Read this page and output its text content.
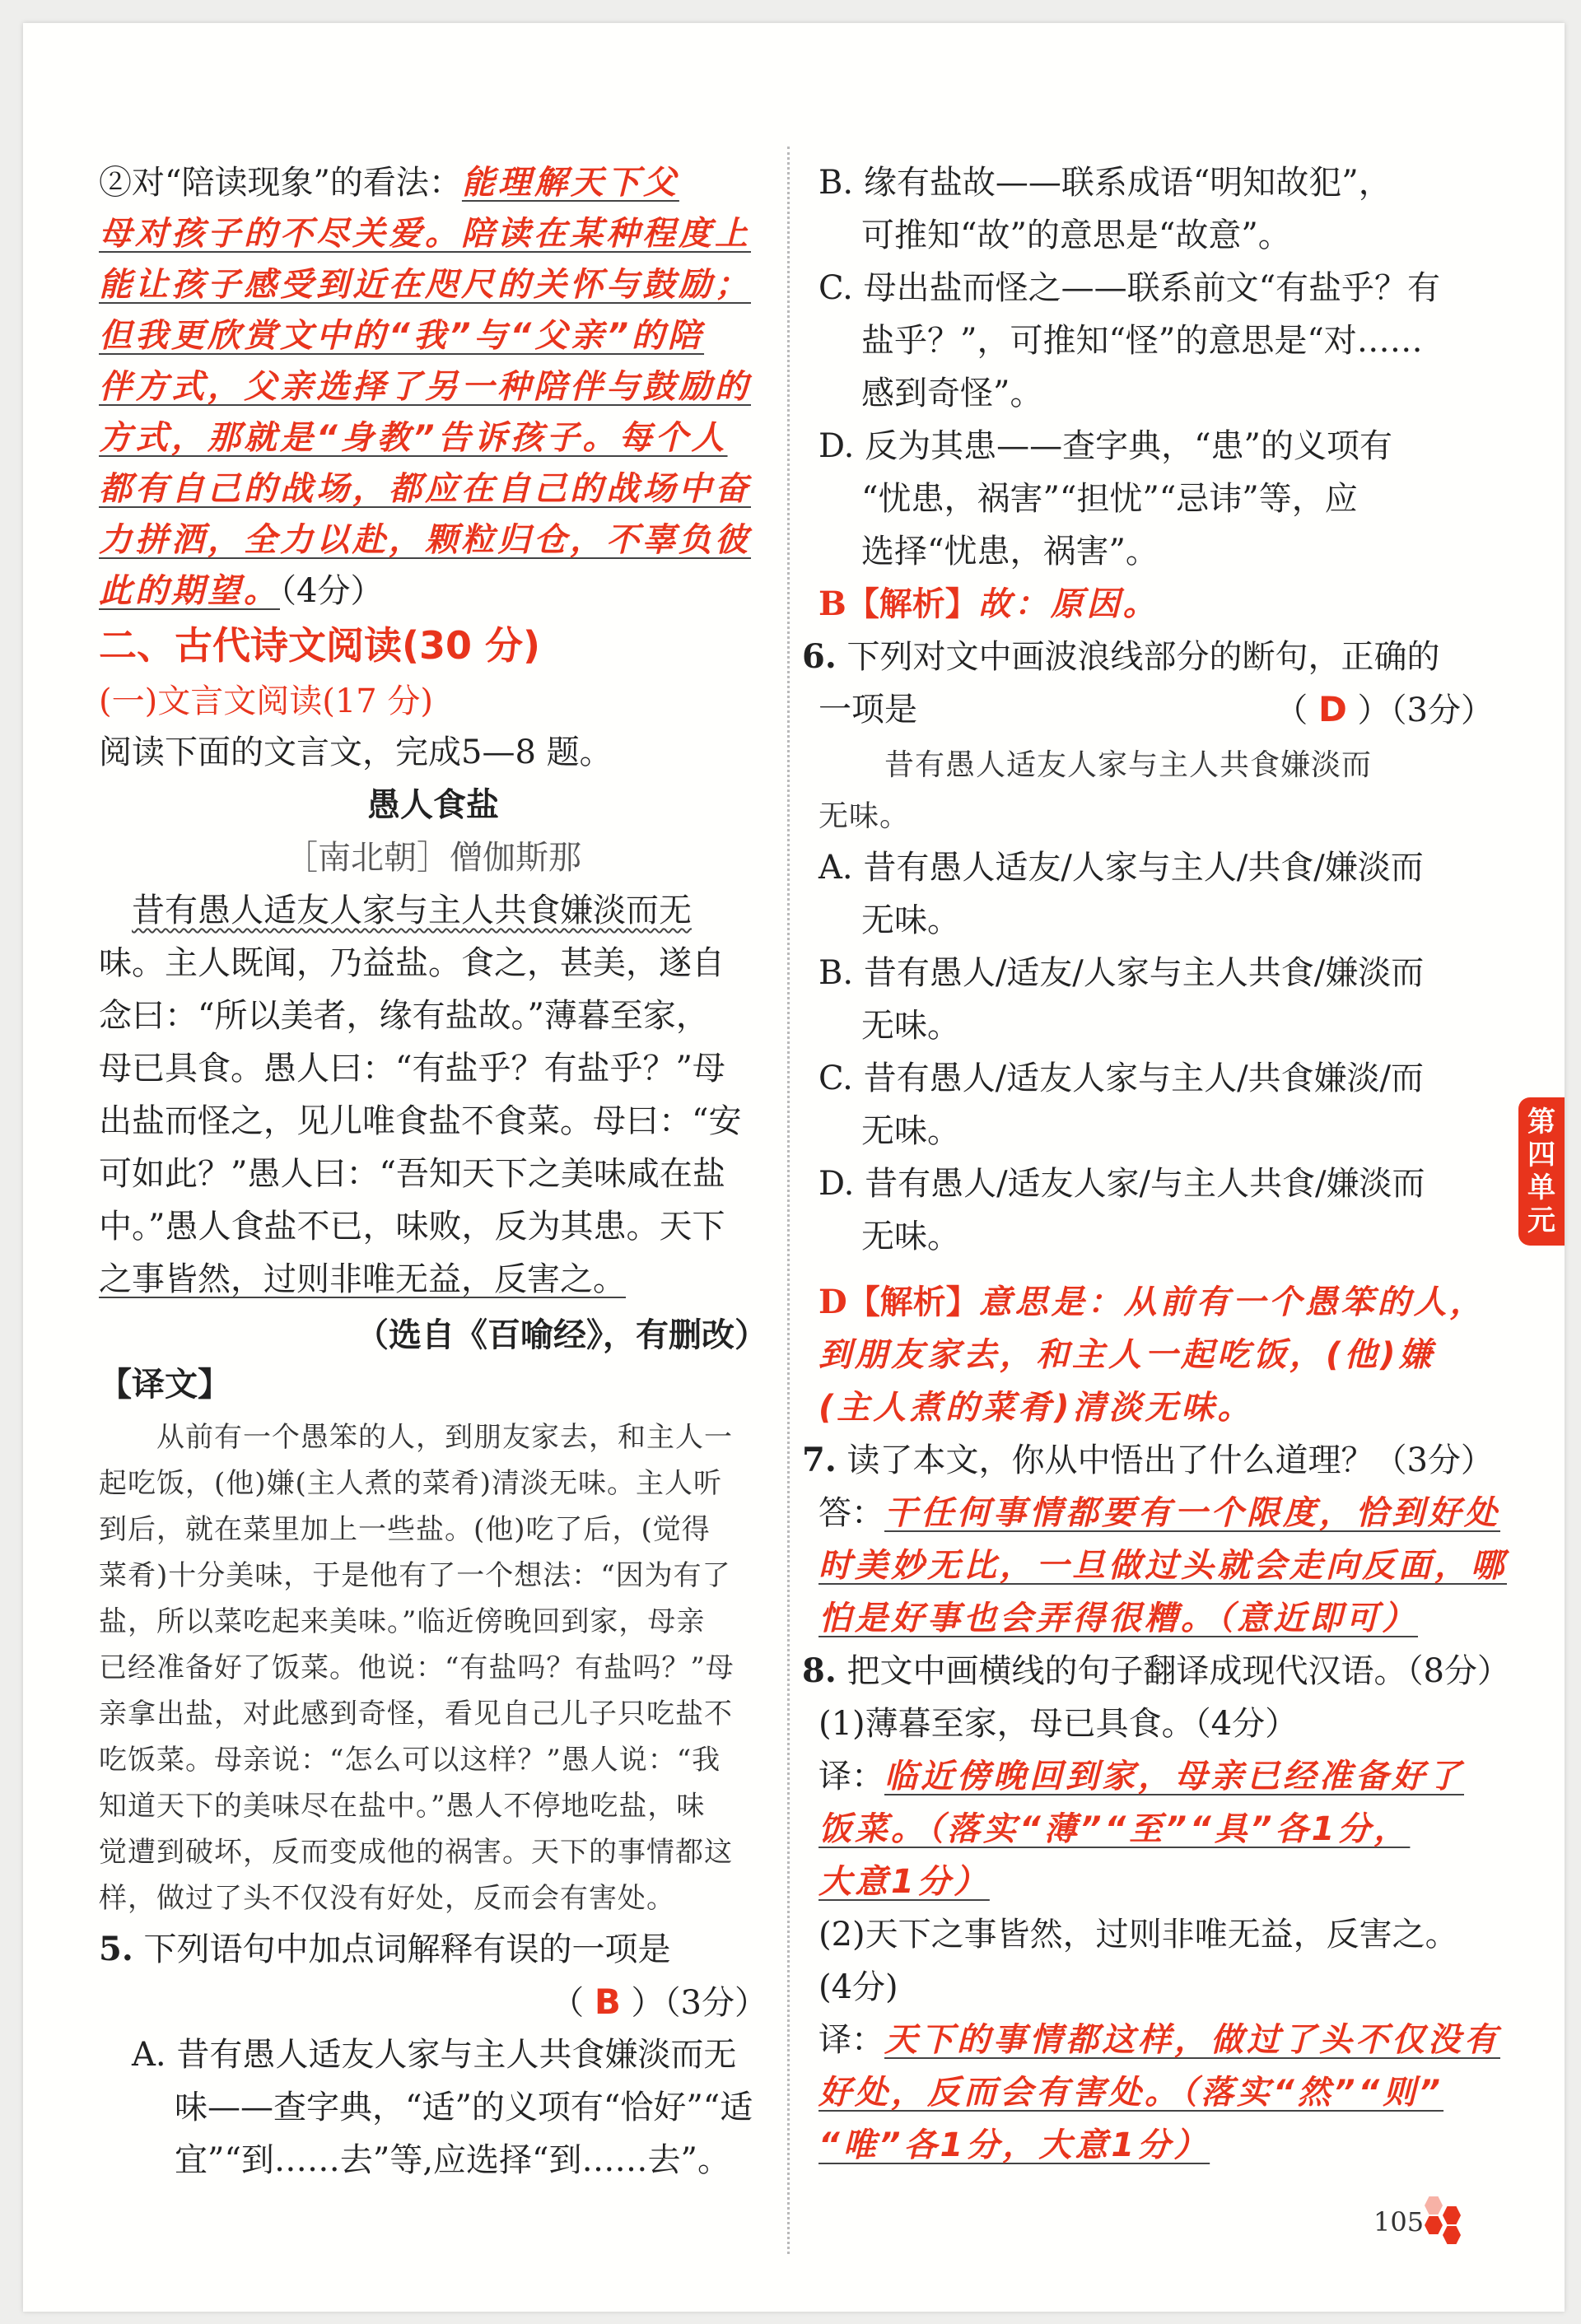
②对“陪读现象”的看法：能理解天下父
母对孩子的不尽关爱。陪读在某种程度上
能让孩子感受到近在咫尺的关怀与鼓励；
但我更欣赏文中的“我”与“父亲”的陪
伴方式，父亲选择了另一种陪伴与鼓励的
方式，那就是“身教”告诉孩子。每个人
都有自己的战场，都应在自己的战场中奋
力拼洒，全力以赴，颗粒归仓，不辜负彼
此的期望。（4分）
二、古代诗文阅读(30 分)
(一)文言文阅读(17 分)
阅读下面的文言文，完成5—8 题。
愚人食盐
［南北朝］僧伽斯那
昔有愚人适友人家与主人共食嫌淡而无
味。主人既闻，乃益盐。食之，甚美，遂自
念曰：“所以美者，缘有盐故。”薄暮至家，
母已具食。愚人曰：“有盐乎？有盐乎？”母
出盐而怪之，见儿唯食盐不食菜。母曰：“安
可如此？”愚人曰：“吾知天下之美味咸在盐
中。”愚人食盐不已，味败，反为其患。天下
之事皆然，过则非唯无益，反害之。
（选自《百喻经》，有删改）
【译文】
从前有一个愚笨的人，到朋友家去，和主人一
起吃饭，(他)嫌(主人煮的菜肴)清淡无味。主人听
到后，就在菜里加上一些盐。(他)吃了后，(觉得
菜肴)十分美味，于是他有了一个想法：“因为有了
盐，所以菜吃起来美味。”临近傍晚回到家，母亲
已经准备好了饭菜。他说：“有盐吗？有盐吗？”母
亲拿出盐，对此感到奇怪，看见自己儿子只吃盐不
吃饭菜。母亲说：“怎么可以这样？”愚人说：“我
知道天下的美味尽在盐中。”愚人不停地吃盐，味
觉遭到破坏，反而变成他的祸害。天下的事情都这
样，做过了头不仅没有好处，反而会有害处。
5. 下列语句中加点词解释有误的一项是
（ B ）（3分）
A. 昔有愚人适友人家与主人共食嫌淡而无
味——查字典，“适”的义项有“恰好”“适
宜”“到……去”等,应选择“到……去”。
B. 缘有盐故——联系成语“明知故犯”，
可推知“故”的意思是“故意”。
C. 母出盐而怪之——联系前文“有盐乎？有
盐乎？”，可推知“怪”的意思是“对……
感到奇怪”。
D. 反为其患——查字典，“患”的义项有
“忧患，祸害”“担忧”“忌讳”等，应
选择“忧患，祸害”。
B【解析】故：原因。
6. 下列对文中画波浪线部分的断句，正确的
一项是	（ D ）（3分）
昔有愚人适友人家与主人共食嫌淡而
无味。
A. 昔有愚人适友/人家与主人/共食/嫌淡而
无味。
B. 昔有愚人/适友/人家与主人共食/嫌淡而
无味。
C. 昔有愚人/适友人家与主人/共食嫌淡/而
无味。
D. 昔有愚人/适友人家/与主人共食/嫌淡而
无味。
D【解析】意思是：从前有一个愚笨的人，
到朋友家去，和主人一起吃饭，(他)嫌
(主人煮的菜肴)清淡无味。
7. 读了本文，你从中悟出了什么道理？（3分）
答：干任何事情都要有一个限度，恰到好处
时美妙无比，一旦做过头就会走向反面，哪
怕是好事也会弄得很糟。（意近即可）
8. 把文中画横线的句子翻译成现代汉语。（8分）
(1)薄暮至家，母已具食。（4分）
译：临近傍晚回到家，母亲已经准备好了
饭菜。（落实“薄”“至”“具”各1分，
大意1分）
(2)天下之事皆然，过则非唯无益，反害之。
(4分)
译：天下的事情都这样，做过了头不仅没有
好处，反而会有害处。（落实“然”“则”
“唯”各1分，大意1分）
第
四
单
元
105
